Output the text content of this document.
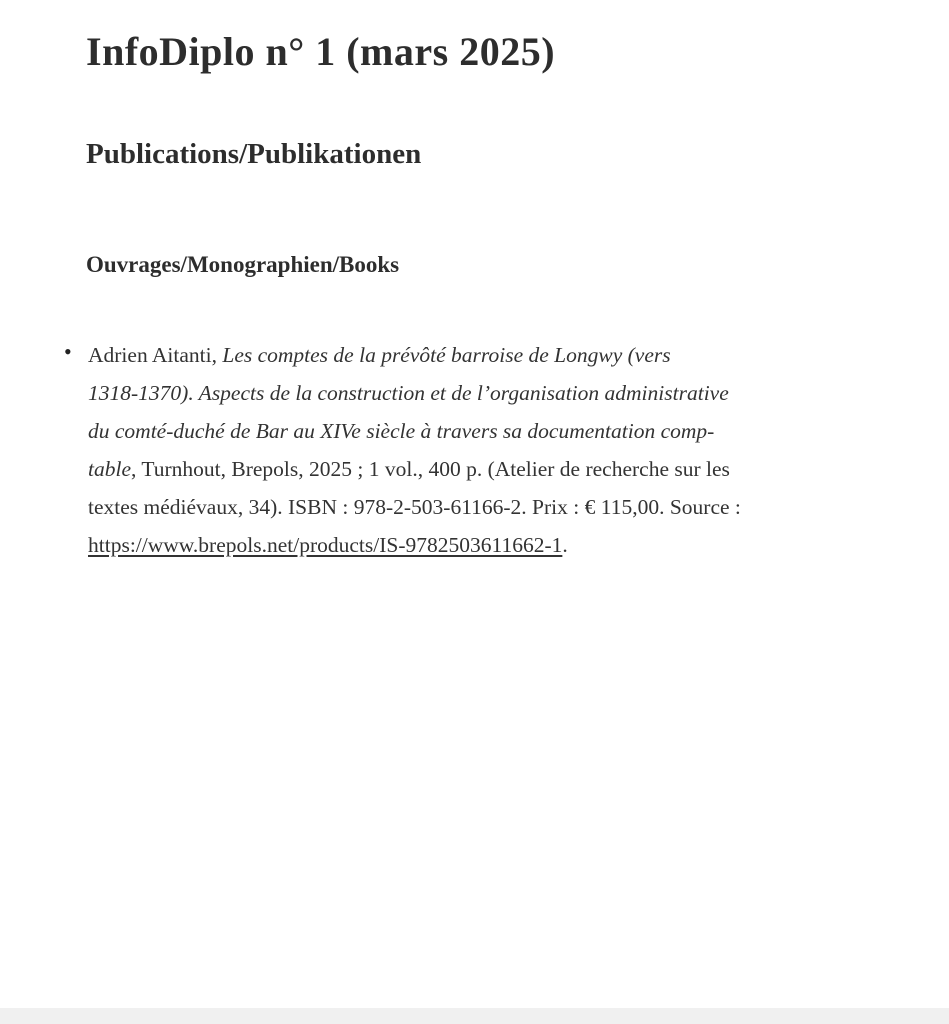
InfoDiplo n° 1 (mars 2025)
Publications/Publikationen
Ouvrages/Monographien/Books
• Adrien Aitanti, Les comptes de la prévôté barroise de Longwy (vers
1318-1370). Aspects de la construction et de l’organisation administrative
du comté-duché de Bar au XIVe siècle à travers sa documentation comp-
table, Turnhout, Brepols, 2025 ; 1 vol., 400 p. (Atelier de recherche sur les
textes médiévaux, 34). ISBN : 978-2-503-61166-2. Prix : € 115,00. Source :
https://www.brepols.net/products/IS-9782503611662-1.
